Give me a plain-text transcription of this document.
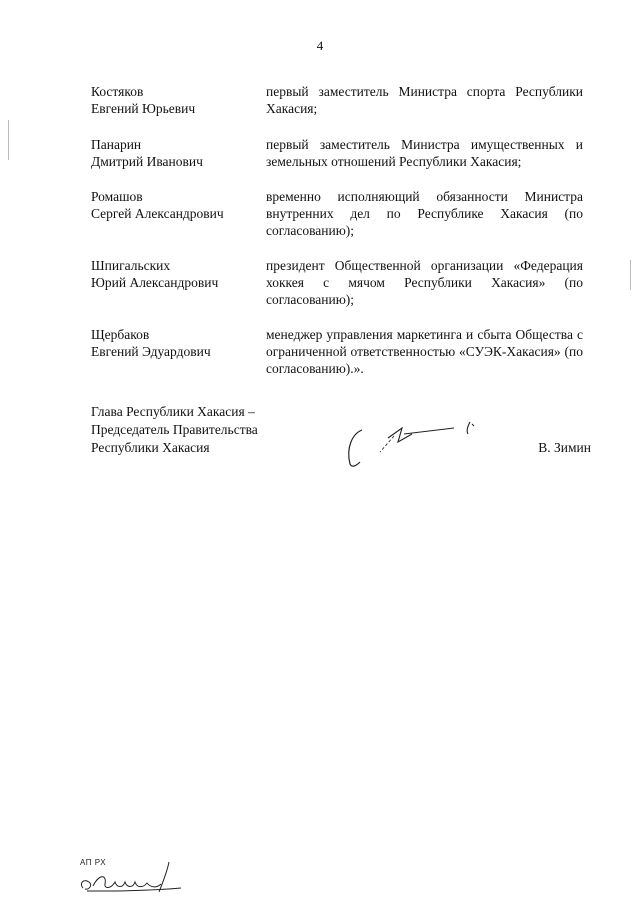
4
Костяков
Евгений Юрьевич
первый заместитель Министра спорта Республики Хакасия;
Панарин
Дмитрий Иванович
первый заместитель Министра имущественных и земельных отношений Республики Хакасия;
Ромашов
Сергей Александрович
временно исполняющий обязанности Министра внутренних дел по Республике Хакасия (по согласованию);
Шпигальских
Юрий Александрович
президент Общественной организации «Федерация хоккея с мячом Республики Хакасия» (по согласованию);
Щербаков
Евгений Эдуардович
менеджер управления маркетинга и сбыта Общества с ограниченной ответственностью «СУЭК-Хакасия» (по согласованию).».
Глава Республики Хакасия –
Председатель Правительства
Республики Хакасия	В. Зимин
АП РХ
